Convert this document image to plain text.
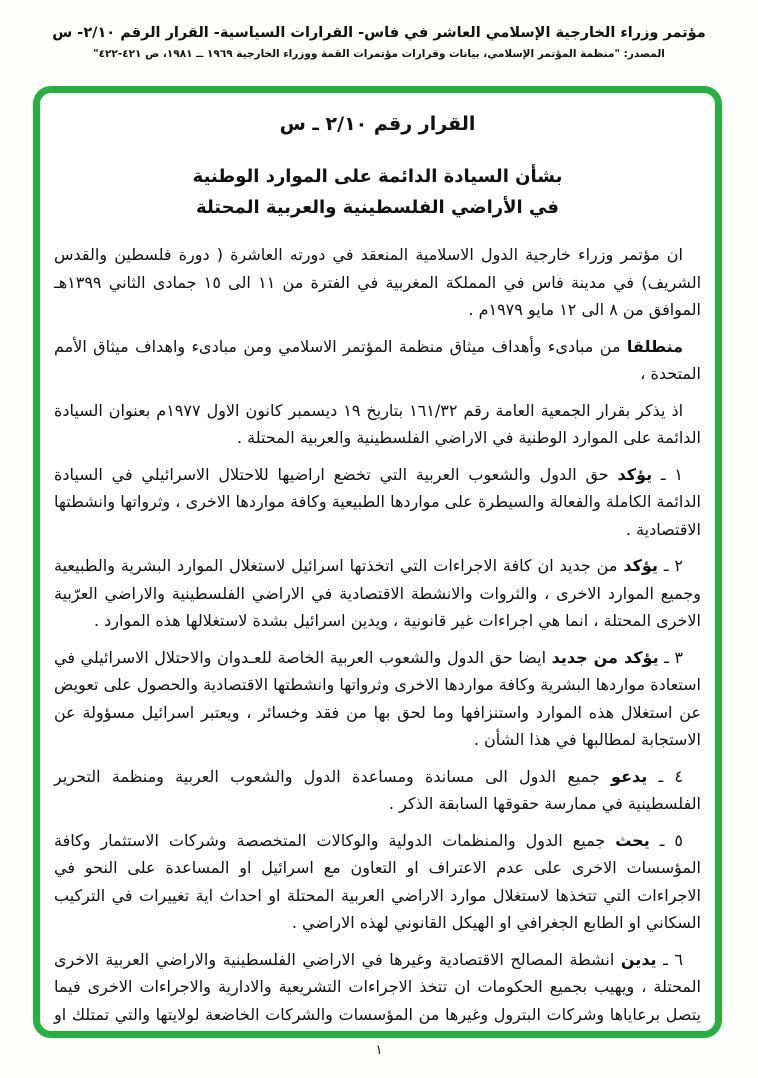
مؤتمر وزراء الخارجية الإسلامي العاشر في فاس- القرارات السياسية- القرار الرقم ٢/١٠- س
المصدر: "منظمة المؤتمر الإسلامي، بيانات وقرارات مؤتمرات القمة ووزراء الخارجية ١٩٦٩ ــ ١٩٨١، ص ٤٢١-٤٢٢"
القرار رقم ٢/١٠ ـ س
بشأن السيادة الدائمة على الموارد الوطنية
في الأراضي الفلسطينية والعربية المحتلة

ان مؤتمر وزراء خارجية الدول الاسلامية المنعقد في دورته العاشرة ( دورة فلسطين والقدس الشريف) في مدينة فاس في المملكة المغربية في الفترة من ١١ الى ١٥ جمادى الثاني ١٣٩٩هـ الموافق من ٨ الى ١٢ مايو ١٩٧٩م .

منطلقا من مبادىء وأهداف ميثاق منظمة المؤتمر الاسلامي ومن مبادىء واهداف ميثاق الأمم المتحدة ،

اذ يذكر بقرار الجمعية العامة رقم ١٦١/٣٢ بتاريخ ١٩ ديسمبر كانون الاول ١٩٧٧م بعنوان السيادة الدائمة على الموارد الوطنية في الاراضي الفلسطينية والعربية المحتلة .

١ ـ يؤكد حق الدول والشعوب العربية التي تخضع اراضيها للاحتلال الاسرائيلي في السيادة الدائمة الكاملة والفعالة والسيطرة على مواردها الطبيعية وكافة مواردها الاخرى ، وثرواتها وانشطتها الاقتصادية .

٢ ـ يؤكد من جديد ان كافة الاجراءات التي اتخذتها اسرائيل لاستغلال الموارد البشرية والطبيعية وجميع الموارد الاخرى ، والثروات والانشطة الاقتصادية في الاراضي الفلسطينية والاراضي العرّبية الاخرى المحتلة ، انما هي اجراءات غير قانونية ، ويدين اسرائيل بشدة لاستغلالها هذه الموارد .

٣ ـ يؤكد من جديد ايضا حق الدول والشعوب العربية الخاصة للعـدوان والاحتلال الاسرائيلي في استعادة مواردها البشرية وكافة مواردها الاخرى وثرواتها وانشطتها الاقتصادية والحصول على تعويض عن استغلال هذه الموارد واستنزافها وما لحق بها من فقد وخسائر ، ويعتبر اسرائيل مسؤولة عن الاستجابة لمطالبها في هذا الشأن .

٤ ـ يدعو جميع الدول الى مساندة ومساعدة الدول والشعوب العربية ومنظمة التحرير الفلسطينية في ممارسة حقوقها السابقة الذكر .

٥ ـ يحث جميع الدول والمنظمات الدولية والوكالات المتخصصة وشركات الاستثمار وكافة المؤسسات الاخرى على عدم الاعتراف او التعاون مع اسرائيل او المساعدة على النحو في الاجراءات التي تتخذها لاستغلال موارد الاراضي العربية المحتلة او احداث اية تغييرات في التركيب السكاني او الطابع الجغرافي او الهيكل القانوني لهذه الاراضي .

٦ ـ يدين انشطة المصالح الاقتصادية وغيرها في الاراضي الفلسطينية والاراضي العربية الاخرى المحتلة ، ويهيب بجميع الحكومات ان تتخذ الاجراءات التشريعية والادارية والاجراءات الاخرى فيما يتصل برعاياها وشركات البترول وغيرها من المؤسسات والشركات الخاضعة لولايتها والتي تمتلك او

١
